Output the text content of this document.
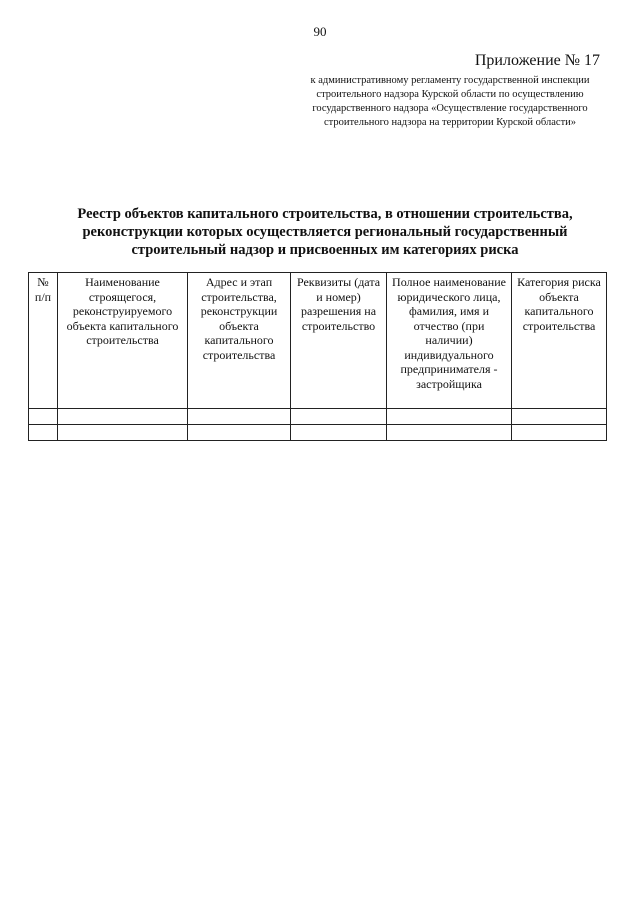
90
Приложение № 17
к административному регламенту государственной инспекции
строительного надзора Курской области по осуществлению
государственного надзора «Осуществление государственного
строительного надзора на территории Курской области»
Реестр объектов капитального строительства, в отношении строительства,
реконструкции которых осуществляется региональный государственный
строительный надзор и присвоенных им категориях риска
№ п/п	Наименование строящегося, реконструируемого объекта капитального строительства	Адрес и этап строительства, реконструкции объекта капитального строительства	Реквизиты (дата и номер) разрешения на строительство	Полное наименование юридического лица, фамилия, имя и отчество (при наличии) индивидуального предпринимателя - застройщика	Категория риска объекта капитального строительства
